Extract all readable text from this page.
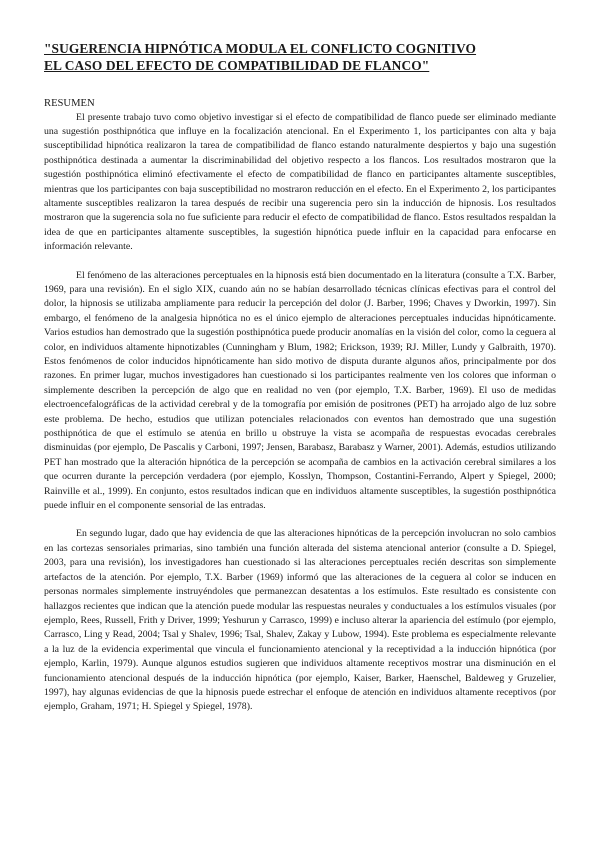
"SUGERENCIA HIPNÓTICA MODULA EL CONFLICTO COGNITIVO
EL CASO DEL EFECTO DE COMPATIBILIDAD DE FLANCO"
RESUMEN

El presente trabajo tuvo como objetivo investigar si el efecto de compatibilidad de flanco puede ser eliminado mediante una sugestión posthipnótica que influye en la focalización atencional. En el Experimento 1, los participantes con alta y baja susceptibilidad hipnótica realizaron la tarea de compatibilidad de flanco estando naturalmente despiertos y bajo una sugestión posthipnótica destinada a aumentar la discriminabilidad del objetivo respecto a los flancos. Los resultados mostraron que la sugestión posthipnótica eliminó efectivamente el efecto de compatibilidad de flanco en participantes altamente susceptibles, mientras que los participantes con baja susceptibilidad no mostraron reducción en el efecto. En el Experimento 2, los participantes altamente susceptibles realizaron la tarea después de recibir una sugerencia pero sin la inducción de hipnosis. Los resultados mostraron que la sugerencia sola no fue suficiente para reducir el efecto de compatibilidad de flanco. Estos resultados respaldan la idea de que en participantes altamente susceptibles, la sugestión hipnótica puede influir en la capacidad para enfocarse en información relevante.

El fenómeno de las alteraciones perceptuales en la hipnosis está bien documentado en la literatura (consulte a T.X. Barber, 1969, para una revisión). En el siglo XIX, cuando aún no se habían desarrollado técnicas clínicas efectivas para el control del dolor, la hipnosis se utilizaba ampliamente para reducir la percepción del dolor (J. Barber, 1996; Chaves y Dworkin, 1997). Sin embargo, el fenómeno de la analgesia hipnótica no es el único ejemplo de alteraciones perceptuales inducidas hipnóticamente. Varios estudios han demostrado que la sugestión posthipnótica puede producir anomalías en la visión del color, como la ceguera al color, en individuos altamente hipnotizables (Cunningham y Blum, 1982; Erickson, 1939; RJ. Miller, Lundy y Galbraith, 1970). Estos fenómenos de color inducidos hipnóticamente han sido motivo de disputa durante algunos años, principalmente por dos razones. En primer lugar, muchos investigadores han cuestionado si los participantes realmente ven los colores que informan o simplemente describen la percepción de algo que en realidad no ven (por ejemplo, T.X. Barber, 1969). El uso de medidas electroencefalográficas de la actividad cerebral y de la tomografía por emisión de positrones (PET) ha arrojado algo de luz sobre este problema. De hecho, estudios que utilizan potenciales relacionados con eventos han demostrado que una sugestión posthipnótica de que el estímulo se atenúa en brillo u obstruye la vista se acompaña de respuestas evocadas cerebrales disminuidas (por ejemplo, De Pascalis y Carboni, 1997; Jensen, Barabasz, Barabasz y Warner, 2001). Además, estudios utilizando PET han mostrado que la alteración hipnótica de la percepción se acompaña de cambios en la activación cerebral similares a los que ocurren durante la percepción verdadera (por ejemplo, Kosslyn, Thompson, Costantini-Ferrando, Alpert y Spiegel, 2000; Rainville et al., 1999). En conjunto, estos resultados indican que en individuos altamente susceptibles, la sugestión posthipnótica puede influir en el componente sensorial de las entradas.

En segundo lugar, dado que hay evidencia de que las alteraciones hipnóticas de la percepción involucran no solo cambios en las cortezas sensoriales primarias, sino también una función alterada del sistema atencional anterior (consulte a D. Spiegel, 2003, para una revisión), los investigadores han cuestionado si las alteraciones perceptuales recién descritas son simplemente artefactos de la atención. Por ejemplo, T.X. Barber (1969) informó que las alteraciones de la ceguera al color se inducen en personas normales simplemente instruyéndoles que permanezcan desatentas a los estímulos. Este resultado es consistente con hallazgos recientes que indican que la atención puede modular las respuestas neurales y conductuales a los estímulos visuales (por ejemplo, Rees, Russell, Frith y Driver, 1999; Yeshurun y Carrasco, 1999) e incluso alterar la apariencia del estímulo (por ejemplo, Carrasco, Ling y Read, 2004; Tsal y Shalev, 1996; Tsal, Shalev, Zakay y Lubow, 1994). Este problema es especialmente relevante a la luz de la evidencia experimental que vincula el funcionamiento atencional y la receptividad a la inducción hipnótica (por ejemplo, Karlin, 1979). Aunque algunos estudios sugieren que individuos altamente receptivos mostrar una disminución en el funcionamiento atencional después de la inducción hipnótica (por ejemplo, Kaiser, Barker, Haenschel, Baldeweg y Gruzelier, 1997), hay algunas evidencias de que la hipnosis puede estrechar el enfoque de atención en individuos altamente receptivos (por ejemplo, Graham, 1971; H. Spiegel y Spiegel, 1978).
